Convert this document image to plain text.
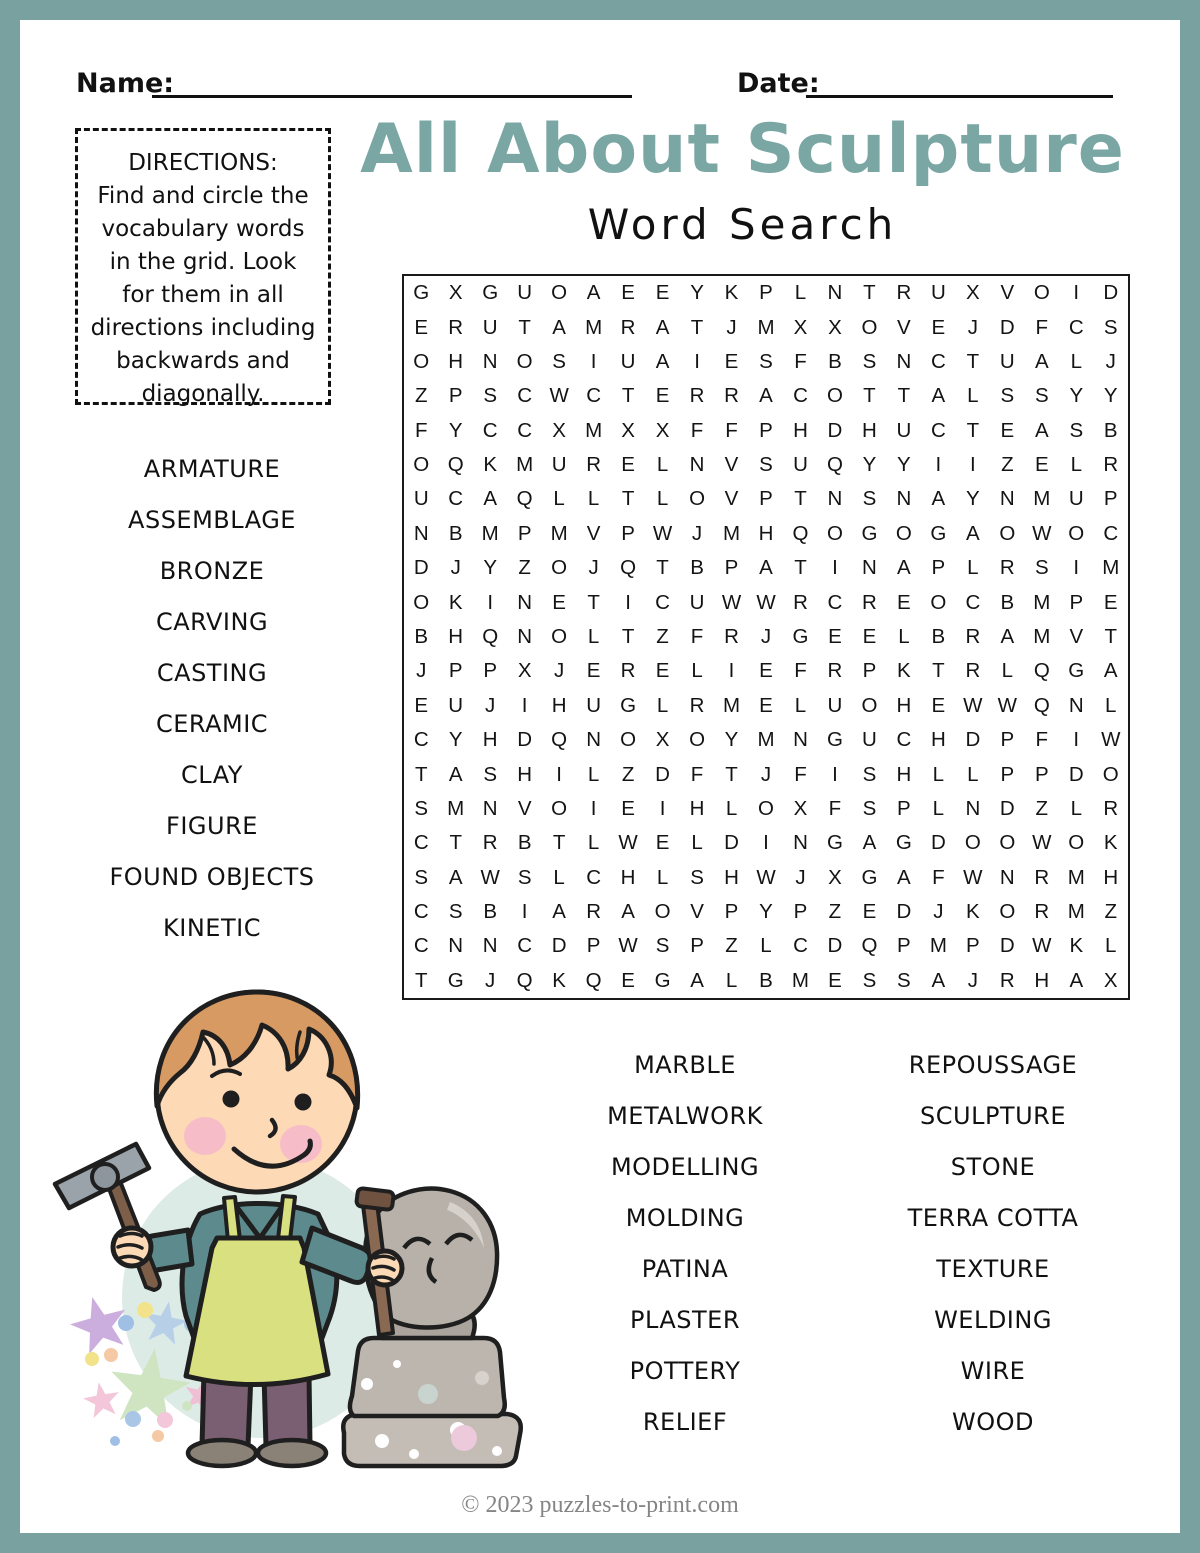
Name:	Date:
All About Sculpture
Word Search
DIRECTIONS:
Find and circle the
vocabulary words
in the grid. Look
for them in all
directions including
backwards and
diagonally.
ARMATURE
ASSEMBLAGE
BRONZE
CARVING
CASTING
CERAMIC
CLAY
FIGURE
FOUND OBJECTS
KINETIC
G X G U O A	E	E	Y	K	P	L	N	T	R U X	V O	I	D
E R U	T	A M R A	T	J	M X	X O V	E	J	D	F	C S
O H N O S	I	U A	I	E	S	F	B	S N C	T	U A	L	J
Z	P	S C W C	T	E R R A C O T	T	A	L	S	S	Y	Y
F	Y C C X M X	X	F	F	P H D H U C	T	E	A	S	B
O Q K M U R E	L	N V	S U Q Y	Y	I	I	Z	E	L	R
U C A Q	L	L	T	L	O V	P	T	N S N A	Y N M U P
N B M P M V	P W J	M H Q O G O G A O W O C
D	J	Y	Z O	J	Q T	B	P	A	T	I	N A	P	L	R S	I	M
O K	I	N E	T	I	C U W W R C R E O C B M P	E
B H Q N O	L	T	Z	F	R	J	G E	E	L	B R A M V	T
J	P	P	X	J	E R E	L	I	E	F	R P	K	T	R	L	Q G A
E U	J	I	H U G	L	R M E	L	U O H E W W Q N	L
C Y H D Q N O X O Y M N G U C H D P	F	I	W
T	A	S H	I	L	Z	D	F	T	J	F	I	S H	L	L	P	P D O
S M N V O	I	E	I	H	L	O X	F	S	P	L	N D	Z	L	R
C	T	R B	T	L W E	L	D	I	N G A G D O O W O K
S	A W S	L	C H	L	S H W J	X G A	F W N R M H
C S	B	I	A R A O V	P	Y	P	Z	E D	J	K O R M Z
C N N C D P W S	P	Z	L	C D Q P M P D W K	L
T G	J	Q K Q E G A	L	B M E	S	S	A	J	R H A	X
MARBLE
METALWORK
MODELLING
MOLDING
PATINA
PLASTER
POTTERY
RELIEF
REPOUSSAGE
SCULPTURE
STONE
TERRA COTTA
TEXTURE
WELDING
WIRE
WOOD
© 2023 puzzles-to-print.com
